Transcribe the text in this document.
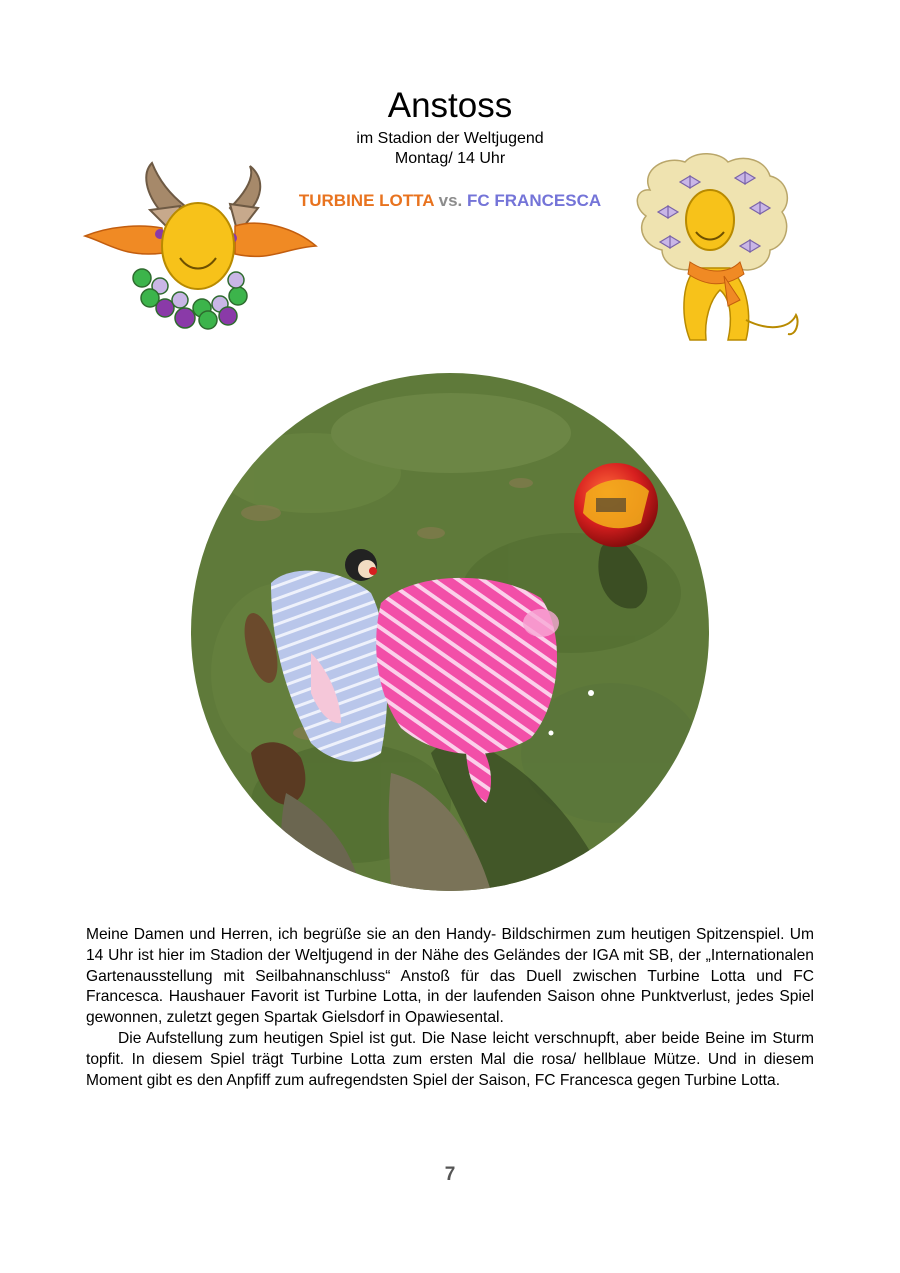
Anstoss
im Stadion der Weltjugend
Montag/ 14 Uhr
TURBINE LOTTA vs. FC FRANCESCA

Meine Damen und Herren, ich begrüße sie an den Handy- Bildschirmen zum heutigen Spitzenspiel. Um 14 Uhr ist hier im Stadion der Weltjugend in der Nähe des Geländes der IGA mit SB, der „Internationalen Gartenausstellung mit Seilbahnanschluss“ Anstoß für das Duell zwischen Turbine Lotta und FC Francesca. Haushauer Favorit ist Turbine Lotta, in der laufenden Saison ohne Punktverlust, jedes Spiel gewonnen, zuletzt gegen Spartak Gielsdorf in Opawiesental.

Die Aufstellung zum heutigen Spiel ist gut. Die Nase leicht verschnupft, aber beide Beine im Sturm topfit. In diesem Spiel trägt Turbine Lotta zum ersten Mal die rosa/ hellblaue Mütze. Und in diesem Moment gibt es den Anpfiff zum aufregendsten Spiel der Saison, FC Francesca gegen Turbine Lotta.

7
